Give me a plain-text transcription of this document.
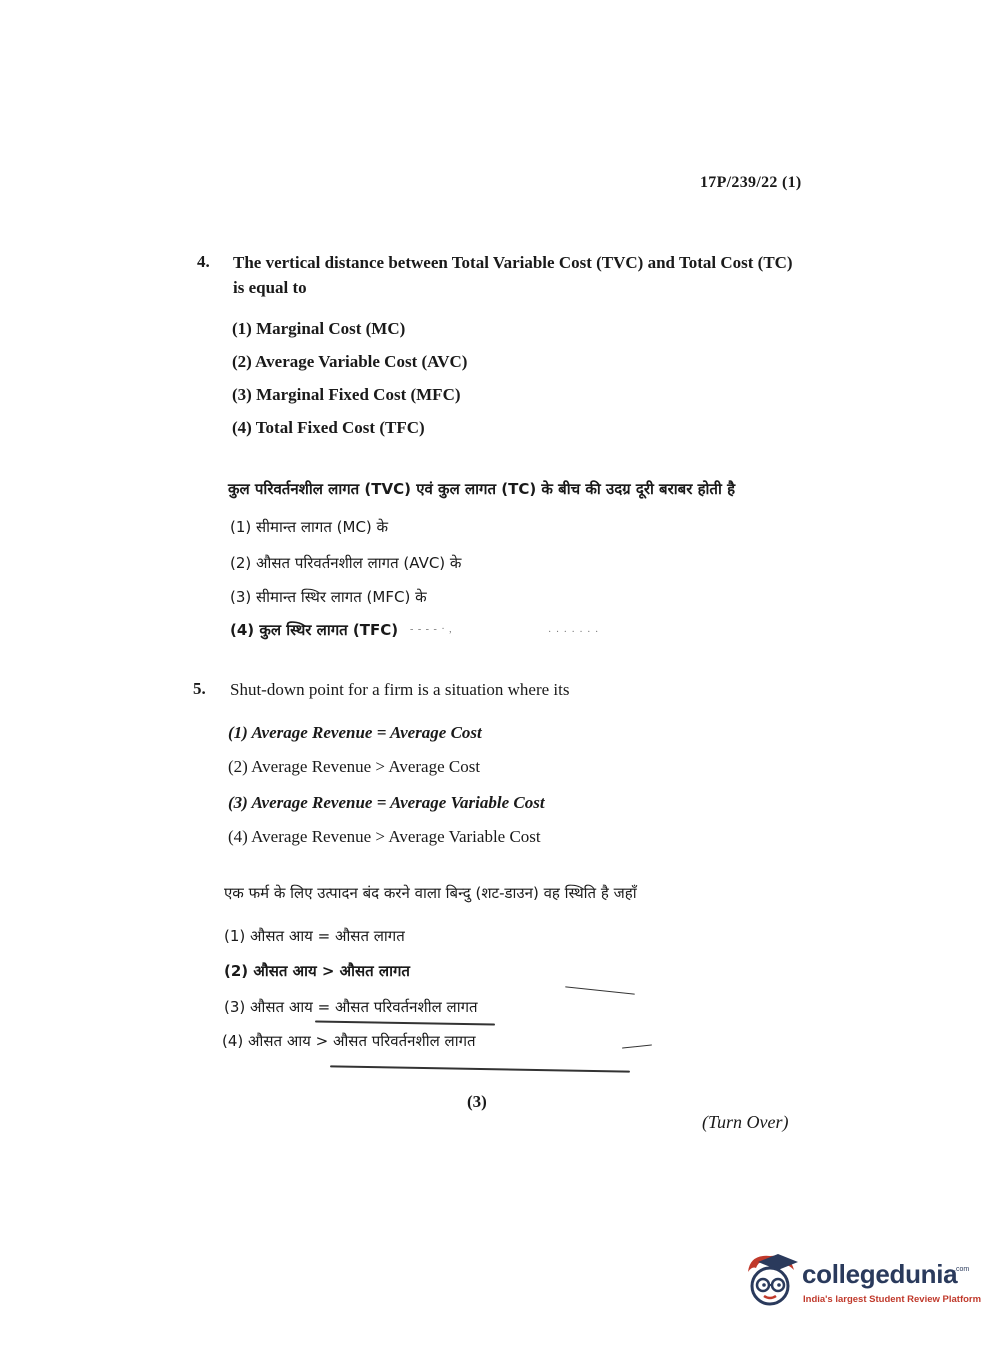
17P/239/22 (1)
4. The vertical distance between Total Variable Cost (TVC) and Total Cost (TC)
is equal to
(1) Marginal Cost (MC)
(2) Average Variable Cost (AVC)
(3) Marginal Fixed Cost (MFC)
(4) Total Fixed Cost (TFC)
कुल परिवर्तनशील लागत (TVC) एवं कुल लागत (TC) के बीच की उदग्र दूरी बराबर होती है
(1) सीमान्त लागत (MC) के
(2) औसत परिवर्तनशील लागत (AVC) के
(3) सीमान्त स्थिर लागत (MFC) के
(4) कुल स्थिर लागत (TFC) - - - - · ,	· · · · · · ·
5. Shut-down point for a firm is a situation where its
(1) Average Revenue = Average Cost
(2) Average Revenue > Average Cost
(3) Average Revenue = Average Variable Cost
(4) Average Revenue > Average Variable Cost
एक फर्म के लिए उत्पादन बंद करने वाला बिन्दु (शट-डाउन) वह स्थिति है जहाँ
(1) औसत आय = औसत लागत
(2) औसत आय > औसत लागत
(3) औसत आय = औसत परिवर्तनशील लागत
(4) औसत आय > औसत परिवर्तनशील लागत
(3)
(Turn Over)
collegedunia
.com
India's largest Student Review Platform
